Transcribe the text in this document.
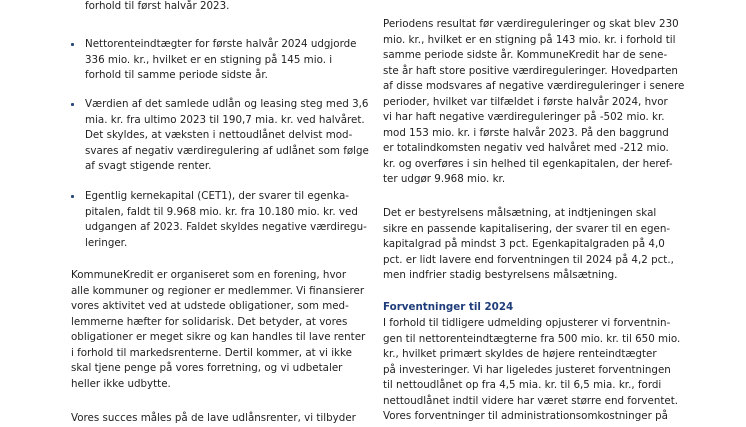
forhold til først halvår 2023.
Nettorenteindtægter for første halvår 2024 udgjorde
336 mio. kr., hvilket er en stigning på 145 mio. i
forhold til samme periode sidste år.
Værdien af det samlede udlån og leasing steg med 3,6
mia. kr. fra ultimo 2023 til 190,7 mia. kr. ved halvåret.
Det skyldes, at væksten i nettoudlånet delvist mod-
svares af negativ værdiregulering af udlånet som følge
af svagt stigende renter.
Egentlig kernekapital (CET1), der svarer til egenka-
pitalen, faldt til 9.968 mio. kr. fra 10.180 mio. kr. ved
udgangen af 2023. Faldet skyldes negative værdiregu-
leringer.
KommuneKredit er organiseret som en forening, hvor
alle kommuner og regioner er medlemmer. Vi finansierer
vores aktivitet ved at udstede obligationer, som med-
lemmerne hæfter for solidarisk. Det betyder, at vores
obligationer er meget sikre og kan handles til lave renter
i forhold til markedsrenterne. Dertil kommer, at vi ikke
skal tjene penge på vores forretning, og vi udbetaler
heller ikke udbytte.
Vores succes måles på de lave udlånsrenter, vi tilbyder
Periodens resultat før værdireguleringer og skat blev 230
mio. kr., hvilket er en stigning på 143 mio. kr. i forhold til
samme periode sidste år. KommuneKredit har de sene-
ste år haft store positive værdireguleringer. Hovedparten
af disse modsvares af negative værdireguleringer i senere
perioder, hvilket var tilfældet i første halvår 2024, hvor
vi har haft negative værdireguleringer på -502 mio. kr.
mod 153 mio. kr. i første halvår 2023. På den baggrund
er totalindkomsten negativ ved halvåret med -212 mio.
kr. og overføres i sin helhed til egenkapitalen, der heref-
ter udgør 9.968 mio. kr.
Det er bestyrelsens målsætning, at indtjeningen skal
sikre en passende kapitalisering, der svarer til en egen-
kapitalgrad på mindst 3 pct. Egenkapitalgraden på 4,0
pct. er lidt lavere end forventningen til 2024 på 4,2 pct.,
men indfrier stadig bestyrelsens målsætning.
Forventninger til 2024
I forhold til tidligere udmelding opjusterer vi forventnin-
gen til nettorenteindtægterne fra 500 mio. kr. til 650 mio.
kr., hvilket primært skyldes de højere renteindtægter
på investeringer. Vi har ligeledes justeret forventningen
til nettoudlånet op fra 4,5 mia. kr. til 6,5 mia. kr., fordi
nettoudlånet indtil videre har været større end forventet.
Vores forventninger til administrationsomkostninger på
